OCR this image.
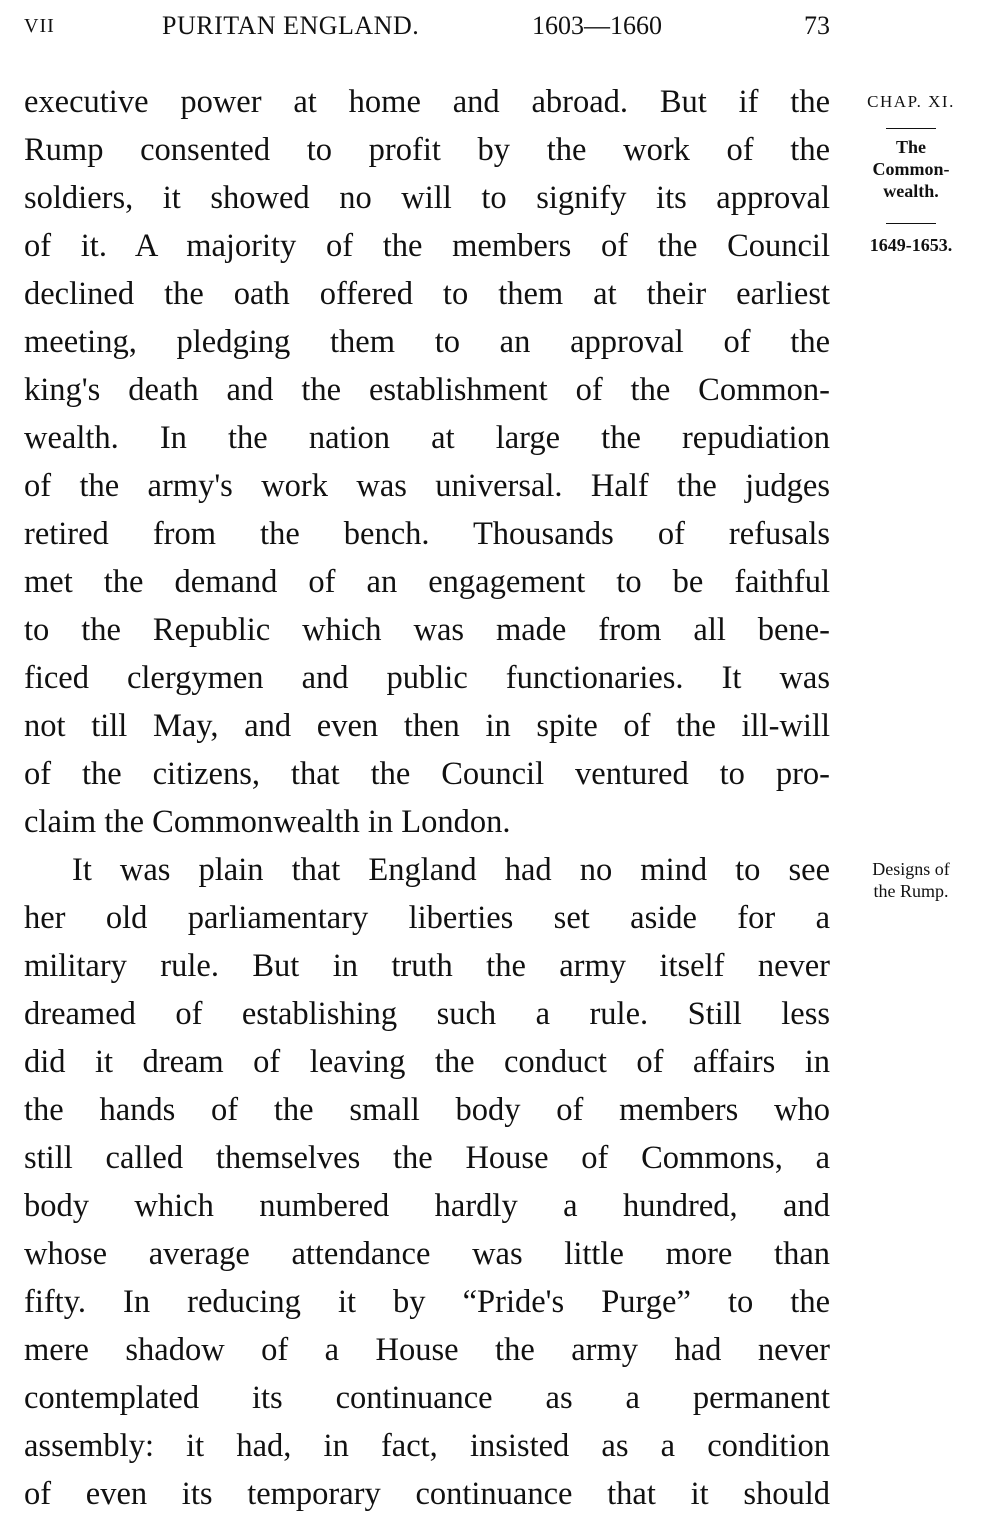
VII	PURITAN ENGLAND.	1603—1660	73
executive power at home and abroad. But if the
Rump consented to profit by the work of the
soldiers, it showed no will to signify its approval
of it. A majority of the members of the Council
declined the oath offered to them at their earliest
meeting, pledging them to an approval of the
king's death and the establishment of the Common-
wealth. In the nation at large the repudiation
of the army's work was universal. Half the judges
retired from the bench. Thousands of refusals
met the demand of an engagement to be faithful
to the Republic which was made from all bene-
ficed clergymen and public functionaries. It was
not till May, and even then in spite of the ill-will
of the citizens, that the Council ventured to pro-
claim the Commonwealth in London.
It was plain that England had no mind to see
her old parliamentary liberties set aside for a
military rule. But in truth the army itself never
dreamed of establishing such a rule. Still less
did it dream of leaving the conduct of affairs in
the hands of the small body of members who
still called themselves the House of Commons, a
body which numbered hardly a hundred, and
whose average attendance was little more than
fifty. In reducing it by “Pride's Purge” to the
mere shadow of a House the army had never
contemplated its continuance as a permanent
assembly: it had, in fact, insisted as a condition
of even its temporary continuance that it should
CHAP. XI.
The
Common-
wealth.
1649-1653.
Designs of
the Rump.
